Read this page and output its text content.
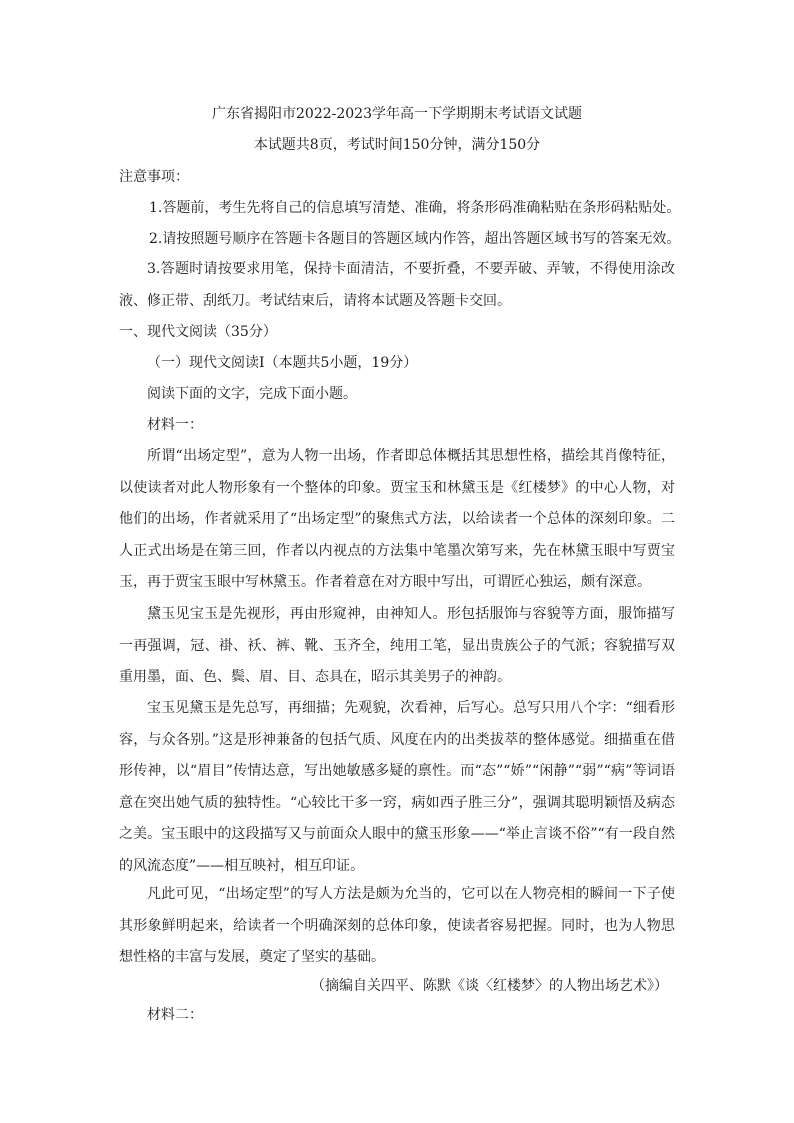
广东省揭阳市2022-2023学年高一下学期期末考试语文试题
本试题共8页，考试时间150分钟，满分150分
注意事项：
1.答题前，考生先将自己的信息填写清楚、准确，将条形码准确粘贴在条形码粘贴处。
2.请按照题号顺序在答题卡各题目的答题区域内作答，超出答题区域书写的答案无效。
3.答题时请按要求用笔，保持卡面清洁，不要折叠，不要弄破、弄皱，不得使用涂改液、修正带、刮纸刀。考试结束后，请将本试题及答题卡交回。
一、现代文阅读（35分）
（一）现代文阅读Ⅰ（本题共5小题，19分）
阅读下面的文字，完成下面小题。
材料一：
所谓“出场定型”，意为人物一出场，作者即总体概括其思想性格，描绘其肖像特征，以使读者对此人物形象有一个整体的印象。贾宝玉和林黛玉是《红楼梦》的中心人物，对他们的出场，作者就采用了“出场定型”的聚焦式方法，以给读者一个总体的深刻印象。二人正式出场是在第三回，作者以内视点的方法集中笔墨次第写来，先在林黛玉眼中写贾宝玉，再于贾宝玉眼中写林黛玉。作者着意在对方眼中写出，可谓匠心独运，颇有深意。
黛玉见宝玉是先视形，再由形窥神，由神知人。形包括服饰与容貌等方面，服饰描写一再强调，冠、褂、袄、裤、靴、玉齐全，纯用工笔，显出贵族公子的气派；容貌描写双重用墨，面、色、鬓、眉、目、态具在，昭示其美男子的神韵。
宝玉见黛玉是先总写，再细描；先观貌，次看神，后写心。总写只用八个字：“细看形容，与众各别。”这是形神兼备的包括气质、风度在内的出类拔萃的整体感觉。细描重在借形传神，以“眉目”传情达意，写出她敏感多疑的禀性。而“态”“娇”“闲静”“弱”“病”等词语意在突出她气质的独特性。“心较比干多一窍，病如西子胜三分”，强调其聪明颖悟及病态之美。宝玉眼中的这段描写又与前面众人眼中的黛玉形象——“举止言谈不俗”“有一段自然的风流态度”——相互映衬，相互印证。
凡此可见，“出场定型”的写人方法是颇为允当的，它可以在人物亮相的瞬间一下子使其形象鲜明起来，给读者一个明确深刻的总体印象，使读者容易把握。同时，也为人物思想性格的丰富与发展，奠定了坚实的基础。
（摘编自关四平、陈默《谈〈红楼梦〉的人物出场艺术》）
材料二：
